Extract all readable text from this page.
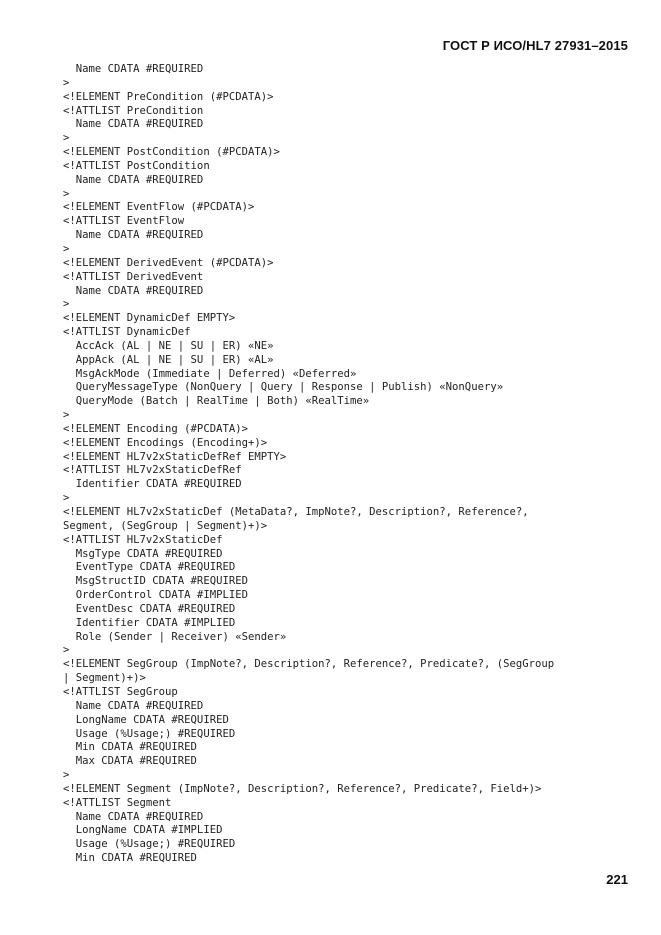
ГОСТ Р ИСО/HL7 27931–2015
Name CDATA #REQUIRED
>
<!ELEMENT PreCondition (#PCDATA)>
<!ATTLIST PreCondition
Name CDATA #REQUIRED
>
<!ELEMENT PostCondition (#PCDATA)>
<!ATTLIST PostCondition
Name CDATA #REQUIRED
>
<!ELEMENT EventFlow (#PCDATA)>
<!ATTLIST EventFlow
Name CDATA #REQUIRED
>
<!ELEMENT DerivedEvent (#PCDATA)>
<!ATTLIST DerivedEvent
Name CDATA #REQUIRED
>
<!ELEMENT DynamicDef EMPTY>
<!ATTLIST DynamicDef
AccAck (AL | NE | SU | ER) «NE»
AppAck (AL | NE | SU | ER) «AL»
MsgAckMode (Immediate | Deferred) «Deferred»
QueryMessageType (NonQuery | Query | Response | Publish) «NonQuery»
QueryMode (Batch | RealTime | Both) «RealTime»
>
<!ELEMENT Encoding (#PCDATA)>
<!ELEMENT Encodings (Encoding+)>
<!ELEMENT HL7v2xStaticDefRef EMPTY>
<!ATTLIST HL7v2xStaticDefRef
Identifier CDATA #REQUIRED
>
<!ELEMENT HL7v2xStaticDef (MetaData?, ImpNote?, Description?, Reference?,
Segment, (SegGroup | Segment)+)>
<!ATTLIST HL7v2xStaticDef
MsgType CDATA #REQUIRED
EventType CDATA #REQUIRED
MsgStructID CDATA #REQUIRED
OrderControl CDATA #IMPLIED
EventDesc CDATA #REQUIRED
Identifier CDATA #IMPLIED
Role (Sender | Receiver) «Sender»
>
<!ELEMENT SegGroup (ImpNote?, Description?, Reference?, Predicate?, (SegGroup
| Segment)+)>
<!ATTLIST SegGroup
Name CDATA #REQUIRED
LongName CDATA #REQUIRED
Usage (%Usage;) #REQUIRED
Min CDATA #REQUIRED
Max CDATA #REQUIRED
>
<!ELEMENT Segment (ImpNote?, Description?, Reference?, Predicate?, Field+)>
<!ATTLIST Segment
Name CDATA #REQUIRED
LongName CDATA #IMPLIED
Usage (%Usage;) #REQUIRED
Min CDATA #REQUIRED
221
